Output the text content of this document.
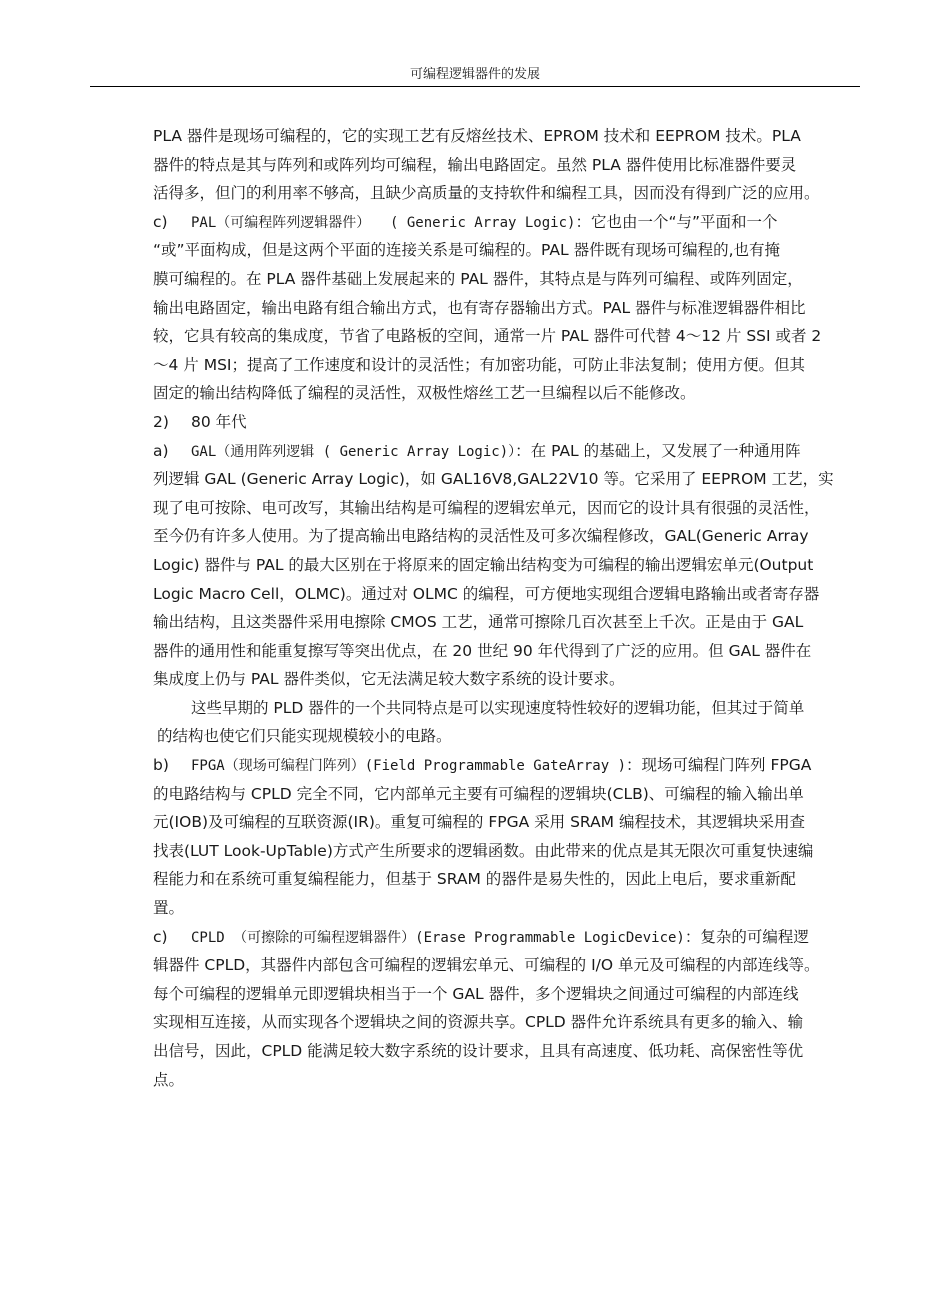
可编程逻辑器件的发展
PLA 器件是现场可编程的，它的实现工艺有反熔丝技术、EPROM 技术和 EEPROM 技术。PLA
器件的特点是其与阵列和或阵列均可编程，输出电路固定。虽然 PLA 器件使用比标准器件要灵
活得多，但门的利用率不够高，且缺少高质量的支持软件和编程工具，因而没有得到广泛的应用。
c) PAL（可编程阵列逻辑器件） ( Generic Array Logic)：它也由一个“与”平面和一个
“或”平面构成，但是这两个平面的连接关系是可编程的。PAL 器件既有现场可编程的,也有掩
膜可编程的。在 PLA 器件基础上发展起来的 PAL 器件，其特点是与阵列可编程、或阵列固定，
输出电路固定，输出电路有组合输出方式，也有寄存器输出方式。PAL 器件与标准逻辑器件相比
较，它具有较高的集成度，节省了电路板的空间，通常一片 PAL 器件可代替 4～12 片 SSI 或者 2
～4 片 MSI；提高了工作速度和设计的灵活性；有加密功能，可防止非法复制；使用方便。但其
固定的输出结构降低了编程的灵活性，双极性熔丝工艺一旦编程以后不能修改。
2) 80 年代
a) GAL（通用阵列逻辑 ( Generic Array Logic)）：在 PAL 的基础上，又发展了一种通用阵
列逻辑 GAL (Generic Array Logic)，如 GAL16V8,GAL22V10 等。它采用了 EEPROM 工艺，实
现了电可按除、电可改写，其输出结构是可编程的逻辑宏单元，因而它的设计具有很强的灵活性，
至今仍有许多人使用。为了提高输出电路结构的灵活性及可多次编程修改，GAL(Generic Array
Logic) 器件与 PAL 的最大区别在于将原来的固定输出结构变为可编程的输出逻辑宏单元(Output
Logic Macro Cell，OLMC)。通过对 OLMC 的编程，可方便地实现组合逻辑电路输出或者寄存器
输出结构，且这类器件采用电擦除 CMOS 工艺，通常可擦除几百次甚至上千次。正是由于 GAL
器件的通用性和能重复擦写等突出优点，在 20 世纪 90 年代得到了广泛的应用。但 GAL 器件在
集成度上仍与 PAL 器件类似，它无法满足较大数字系统的设计要求。
这些早期的 PLD 器件的一个共同特点是可以实现速度特性较好的逻辑功能，但其过于简单
的结构也使它们只能实现规模较小的电路。
b) FPGA（现场可编程门阵列）(Field Programmable GateArray )：现场可编程门阵列 FPGA
的电路结构与 CPLD 完全不同，它内部单元主要有可编程的逻辑块(CLB)、可编程的输入输出单
元(IOB)及可编程的互联资源(IR)。重复可编程的 FPGA 采用 SRAM 编程技术，其逻辑块采用查
找表(LUT Look-UpTable)方式产生所要求的逻辑函数。由此带来的优点是其无限次可重复快速编
程能力和在系统可重复编程能力，但基于 SRAM 的器件是易失性的，因此上电后，要求重新配
置。
c) CPLD （可擦除的可编程逻辑器件）(Erase Programmable LogicDevice)：复杂的可编程逻
辑器件 CPLD，其器件内部包含可编程的逻辑宏单元、可编程的 I/O 单元及可编程的内部连线等。
每个可编程的逻辑单元即逻辑块相当于一个 GAL 器件，多个逻辑块之间通过可编程的内部连线
实现相互连接，从而实现各个逻辑块之间的资源共享。CPLD 器件允许系统具有更多的输入、输
出信号，因此，CPLD 能满足较大数字系统的设计要求，且具有高速度、低功耗、高保密性等优
点。
